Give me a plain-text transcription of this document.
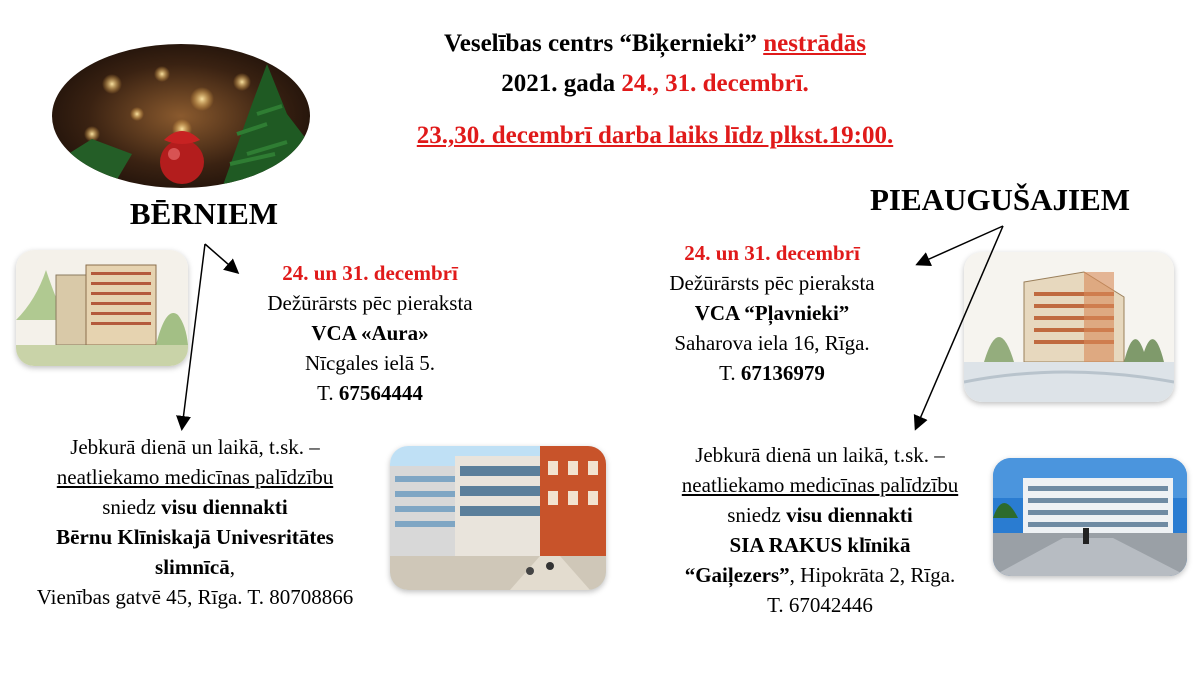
Veselības centrs “Biķernieki” nestrādās
2021. gada 24., 31. decembrī.
23.,30. decembrī darba laiks līdz plkst.19:00.
BĒRNIEM	PIEAUGUŠAJIEM
24. un 31. decembrī
Dežūrārsts pēc pieraksta
VCA «Aura»
Nīcgales ielā 5.
T. 67564444
24. un 31. decembrī
Dežūrārsts pēc pieraksta
VCA “Pļavnieki”
Saharova iela 16, Rīga.
T. 67136979
Jebkurā dienā un laikā, t.sk. –
neatliekamo medicīnas palīdzību
sniedz visu diennakti
Bērnu Klīniskajā Univesritātes slimnīcā,
Vienības gatvē 45, Rīga. T. 80708866
Jebkurā dienā un laikā, t.sk. –
neatliekamo medicīnas palīdzību
sniedz visu diennakti
SIA RAKUS klīnikā
“Gaiļezers”, Hipokrāta 2, Rīga.
T. 67042446
